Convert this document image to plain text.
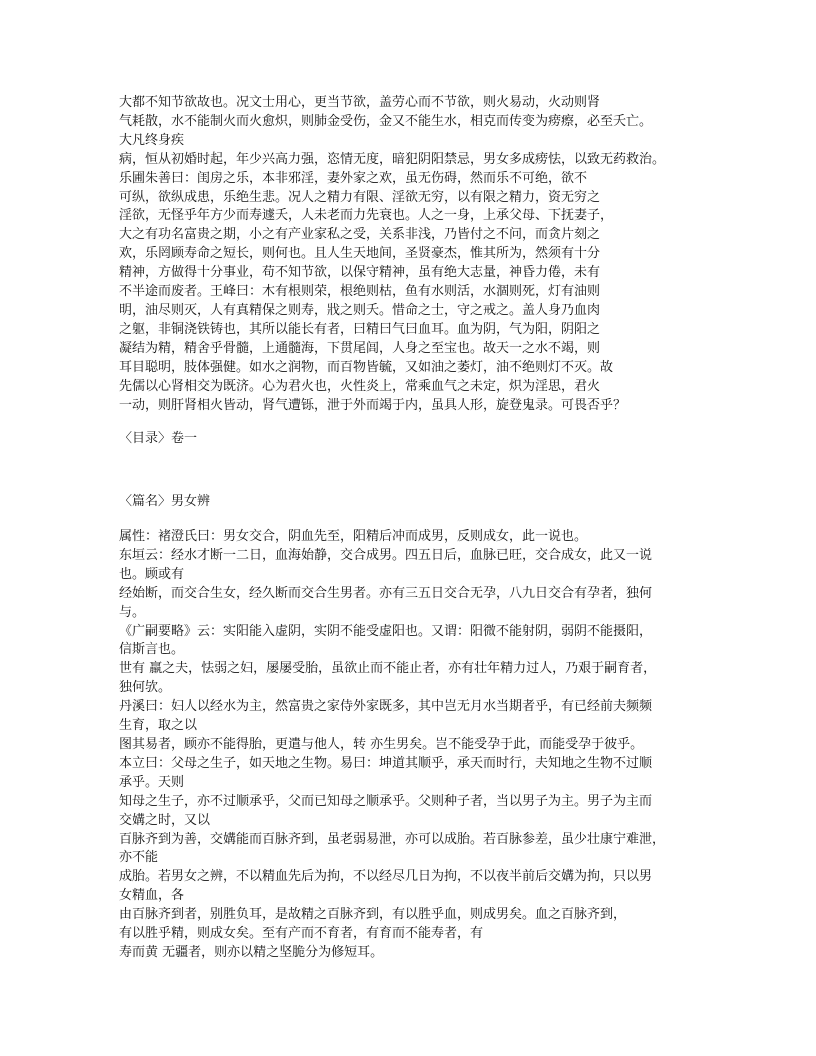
大都不知节欲故也。况文士用心，更当节欲，盖劳心而不节欲，则火易动，火动则肾
气耗散，水不能制火而火愈炽，则肺金受伤，金又不能生水，相克而传变为痨瘵，必至夭亡。
大凡终身疾
病，恒从初婚时起，年少兴高力强，恣情无度，暗犯阴阳禁忌，男女多成痨怯，以致无药救治。
乐圃朱善曰：闺房之乐，本非邪淫，妻外家之欢，虽无伤碍，然而乐不可绝，欲不
可纵，欲纵成患，乐绝生悲。况人之精力有限、淫欲无穷，以有限之精力，资无穷之
淫欲，无怪乎年方少而寿遽夭，人未老而力先衰也。人之一身，上承父母、下抚妻子，
大之有功名富贵之期，小之有产业家私之受，关系非浅，乃皆付之不问，而贪片刻之
欢，乐罔顾寿命之短长，则何也。且人生天地间，圣贤豪杰，惟其所为，然须有十分
精神，方做得十分事业，苟不知节欲，以保守精神，虽有绝大志量，神昏力倦，未有
不半途而废者。王峰曰：木有根则荣，根绝则枯，鱼有水则活，水涸则死，灯有油则
明，油尽则灭，人有真精保之则寿，戕之则夭。惜命之士，守之戒之。盖人身乃血肉
之躯，非铜浇铁铸也，其所以能长有者，曰精曰气曰血耳。血为阴，气为阳，阴阳之
凝结为精，精舍乎骨髓，上通髓海，下贯尾闾，人身之至宝也。故天一之水不竭，则
耳目聪明，肢体强健。如水之润物，而百物皆毓，又如油之萎灯，油不绝则灯不灭。故
先儒以心肾相交为既济。心为君火也，火性炎上，常乘血气之未定，炽为淫思，君火
一动，则肝肾相火皆动，肾气遭铄，泄于外而竭于内，虽具人形，旋登鬼录。可畏否乎？
〈目录〉卷一
〈篇名〉男女辨
属性：褚澄氏曰：男女交合，阴血先至，阳精后冲而成男，反则成女，此一说也。
东垣云：经水才断一二日，血海始静，交合成男。四五日后，血脉已旺，交合成女，此又一说
也。顾或有
经始断，而交合生女，经久断而交合生男者。亦有三五日交合无孕，八九日交合有孕者，独何
与。
《广嗣要略》云：实阳能入虚阴，实阴不能受虚阳也。又谓：阳微不能射阴，弱阴不能摄阳，
信斯言也。
世有 羸之夫，怯弱之妇，屡屡受胎，虽欲止而不能止者，亦有壮年精力过人，乃艰于嗣育者，
独何欤。
丹溪曰：妇人以经水为主，然富贵之家侍外家既多，其中岂无月水当期者乎，有已经前夫频频
生育，取之以
图其易者，顾亦不能得胎，更遣与他人，转 亦生男矣。岂不能受孕于此，而能受孕于彼乎。
本立曰：父母之生子，如天地之生物。易曰：坤道其顺乎，承天而时行，夫知地之生物不过顺
承乎。天则
知母之生子，亦不过顺承乎，父而已知母之顺承乎。父则种子者，当以男子为主。男子为主而
交媾之时，又以
百脉齐到为善，交媾能而百脉齐到，虽老弱易泄，亦可以成胎。若百脉参差，虽少壮康宁难泄，
亦不能
成胎。若男女之辨，不以精血先后为拘，不以经尽几日为拘，不以夜半前后交媾为拘，只以男
女精血，各
由百脉齐到者，别胜负耳，是故精之百脉齐到，有以胜乎血，则成男矣。血之百脉齐到，
有以胜乎精，则成女矣。至有产而不育者，有育而不能寿者，有
寿而黄 无疆者，则亦以精之坚脆分为修短耳。
